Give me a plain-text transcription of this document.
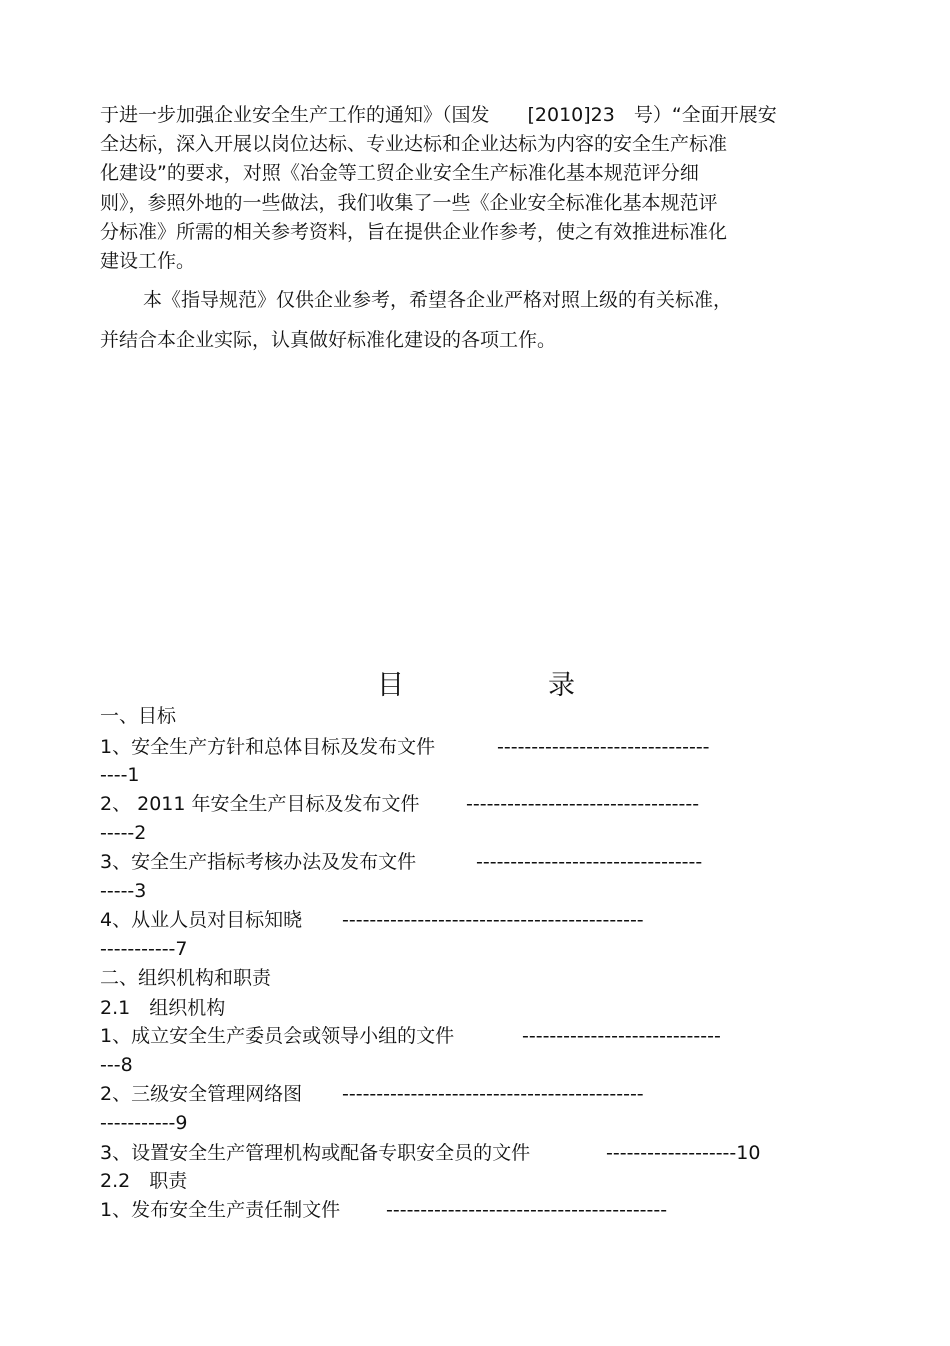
于进一步加强企业安全生产工作的通知》（国发　　[2010]23　号）“全面开展安
全达标，深入开展以岗位达标、专业达标和企业达标为内容的安全生产标准
化建设”的要求，对照《冶金等工贸企业安全生产标准化基本规范评分细
则》，参照外地的一些做法，我们收集了一些《企业安全标准化基本规范评
分标准》所需的相关参考资料，旨在提供企业作参考，使之有效推进标准化
建设工作。
本《指导规范》仅供企业参考，希望各企业严格对照上级的有关标准，
并结合本企业实际，认真做好标准化建设的各项工作。
目	录
一、目标
1、安全生产方针和总体目标及发布文件	-------------------------------
----1
2、 2011 年安全生产目标及发布文件 ----------------------------------
-----2
3、安全生产指标考核办法及发布文件	---------------------------------
-----3
4、从业人员对目标知晓 --------------------------------------------
-----------7
二、组织机构和职责
2.1　组织机构
1、成立安全生产委员会或领导小组的文件	-----------------------------
---8
2、三级安全管理网络图 --------------------------------------------
-----------9
3、设置安全生产管理机构或配备专职安全员的文件	-------------------10
2.2　职责
1、发布安全生产责任制文件 -----------------------------------------
